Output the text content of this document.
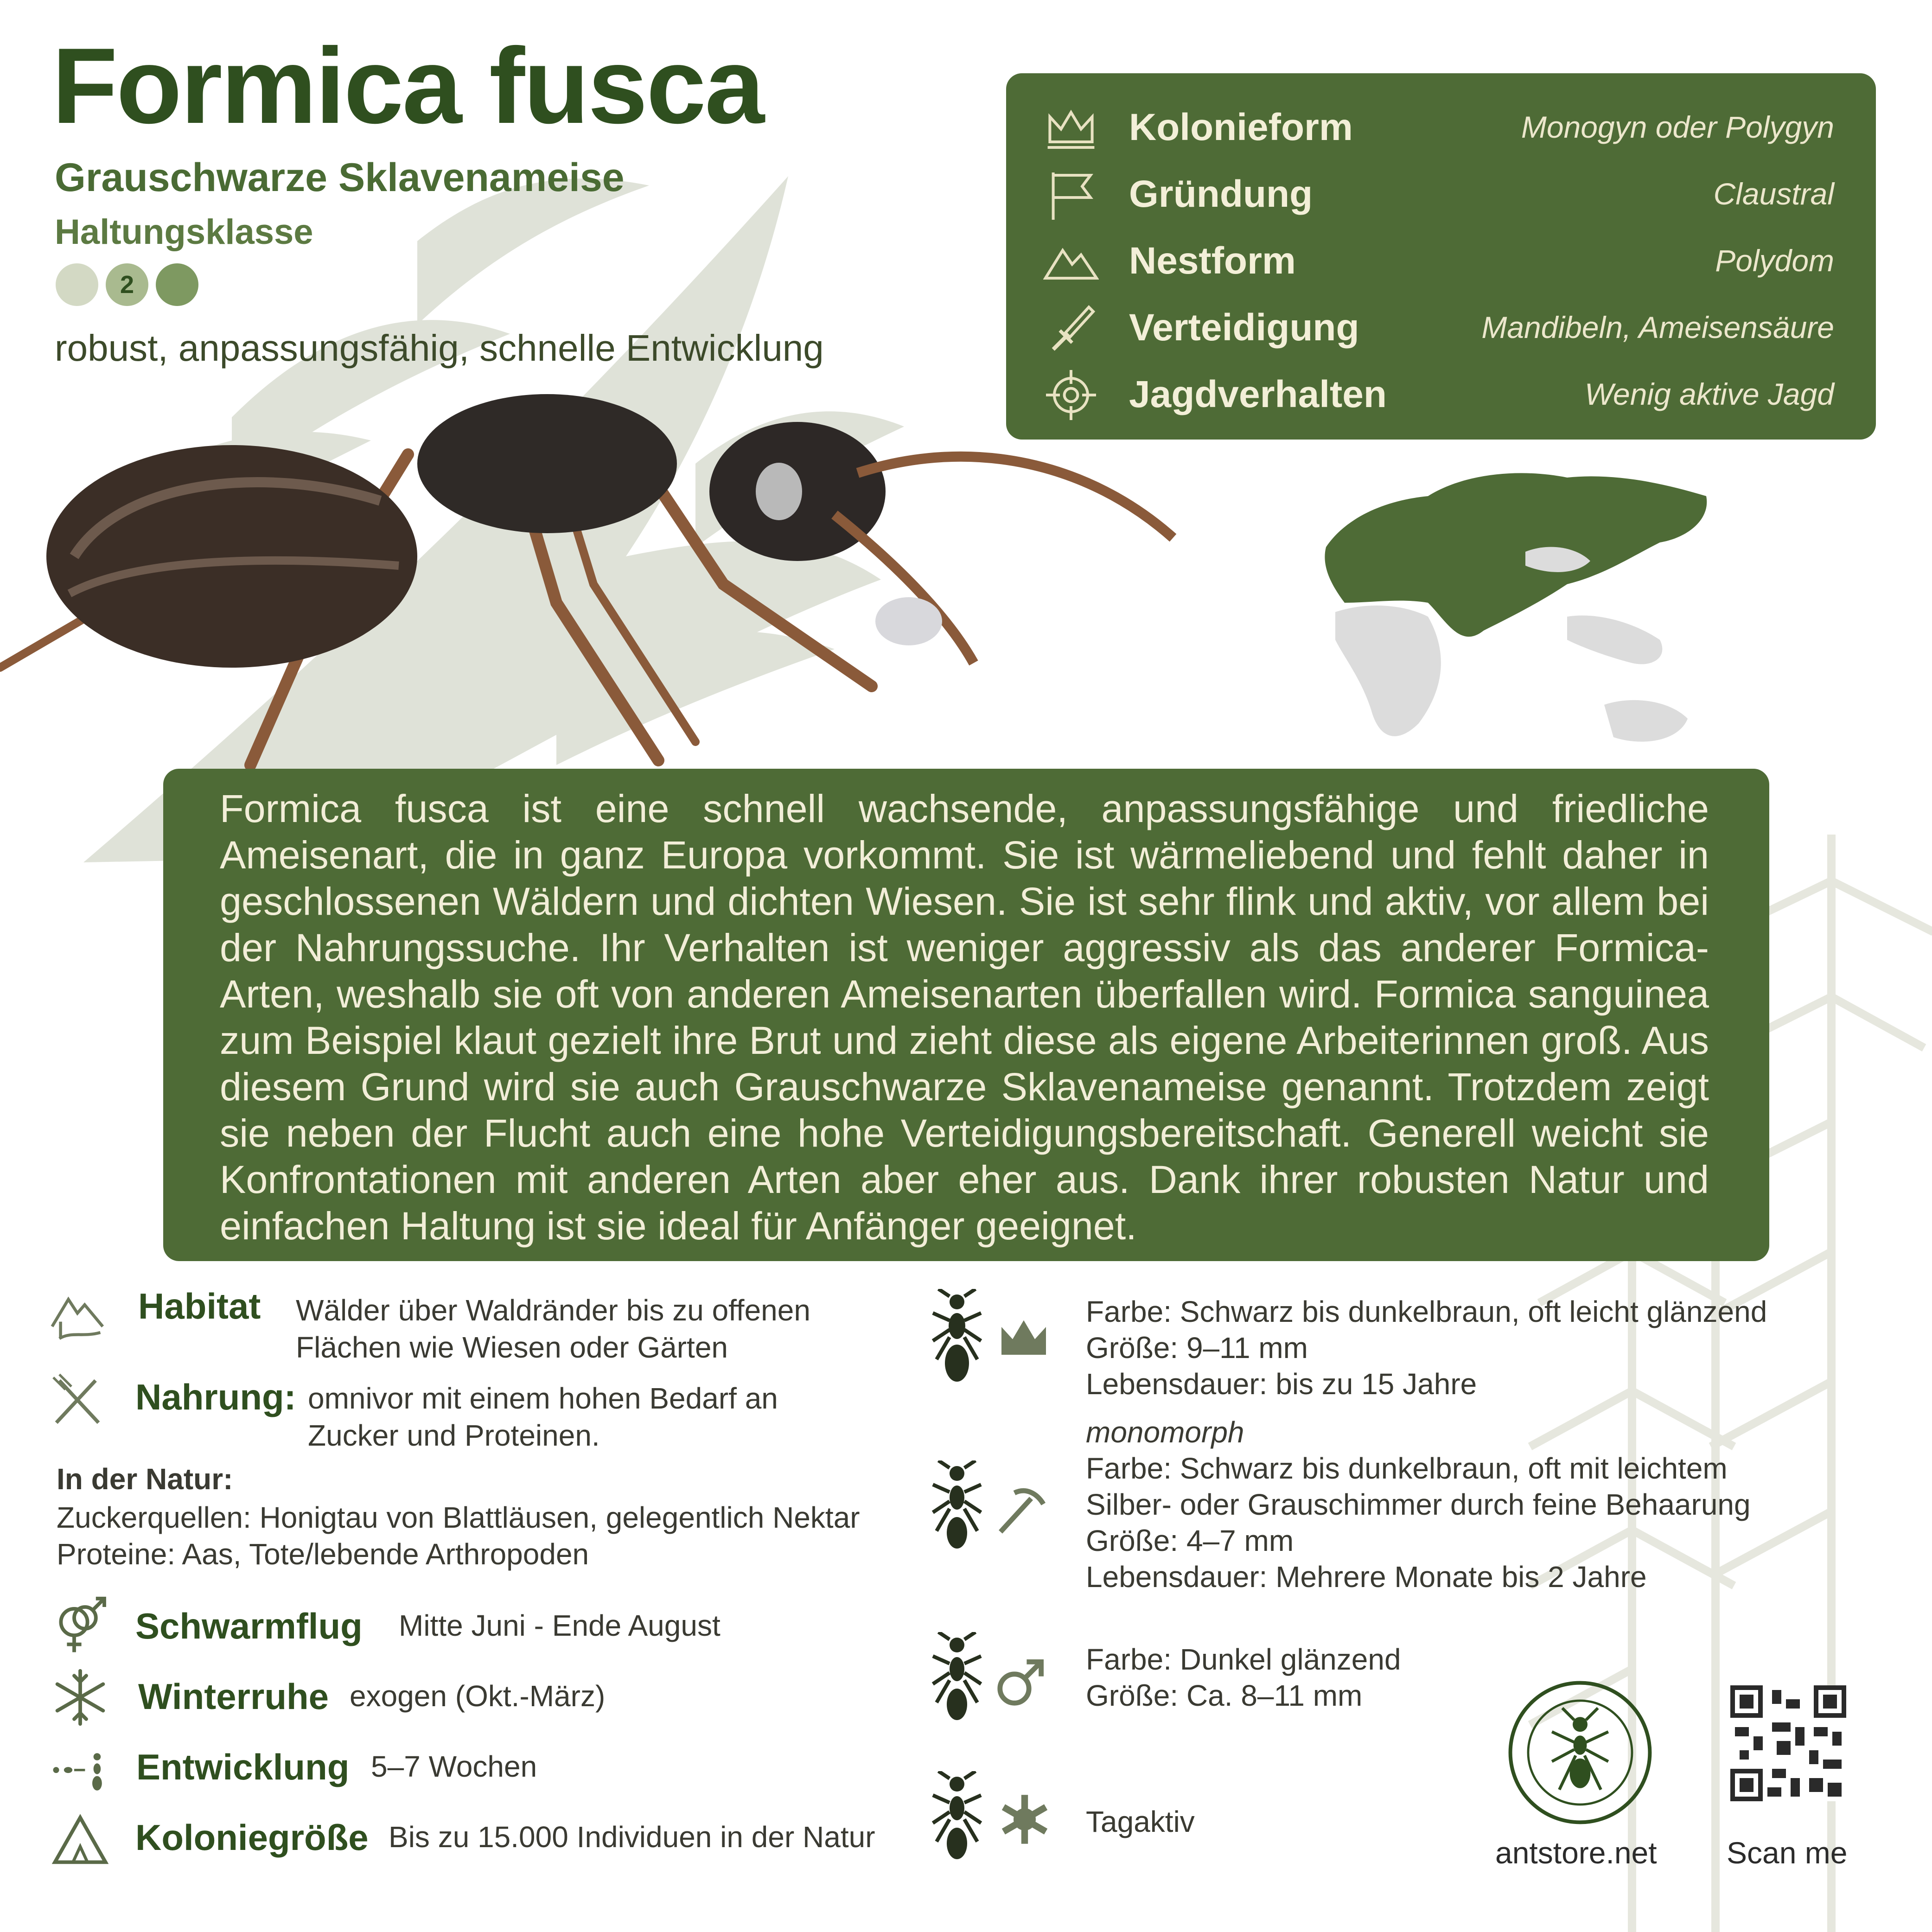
Formica fusca
Grauschwarze Sklavenameise
Haltungsklasse
2
robust, anpassungsfähig, schnelle Entwicklung
Kolonieform	Monogyn oder Polygyn
Gründung	Claustral
Nestform	Polydom
Verteidigung	Mandibeln, Ameisensäure
Jagdverhalten	Wenig aktive Jagd
Formica fusca ist eine schnell wachsende, anpassungsfähige und friedliche Ameisenart, die in ganz Europa vorkommt. Sie ist wärmeliebend und fehlt daher in geschlossenen Wäldern und dichten Wiesen. Sie ist sehr flink und aktiv, vor allem bei der Nahrungssuche. Ihr Verhalten ist weniger aggressiv als das anderer Formica-Arten, weshalb sie oft von anderen Ameisenarten überfallen wird. Formica sanguinea zum Beispiel klaut gezielt ihre Brut und zieht diese als eigene Arbeiterinnen groß. Aus diesem Grund wird sie auch Grauschwarze Sklavenameise genannt. Trotzdem zeigt sie neben der Flucht auch eine hohe Verteidigungsbereitschaft. Generell weicht sie Konfrontationen mit anderen Arten aber eher aus. Dank ihrer robusten Natur und einfachen Haltung ist sie ideal für Anfänger geeignet.
Habitat Wälder über Waldränder bis zu offenen
Flächen wie Wiesen oder Gärten
Nahrung: omnivor mit einem hohen Bedarf an
Zucker und Proteinen.
In der Natur:
Zuckerquellen: Honigtau von Blattläusen, gelegentlich Nektar
Proteine: Aas, Tote/lebende Arthropoden
Schwarmflug Mitte Juni - Ende August
Winterruhe exogen (Okt.-März)
Entwicklung 5–7 Wochen
Koloniegröße Bis zu 15.000 Individuen in der Natur
Farbe: Schwarz bis dunkelbraun, oft leicht glänzend
Größe: 9–11 mm
Lebensdauer: bis zu 15 Jahre
monomorph
Farbe: Schwarz bis dunkelbraun, oft mit leichtem
Silber- oder Grauschimmer durch feine Behaarung
Größe: 4–7 mm
Lebensdauer: Mehrere Monate bis 2 Jahre
Farbe: Dunkel glänzend
Größe: Ca. 8–11 mm
Tagaktiv
antstore.net Scan me
